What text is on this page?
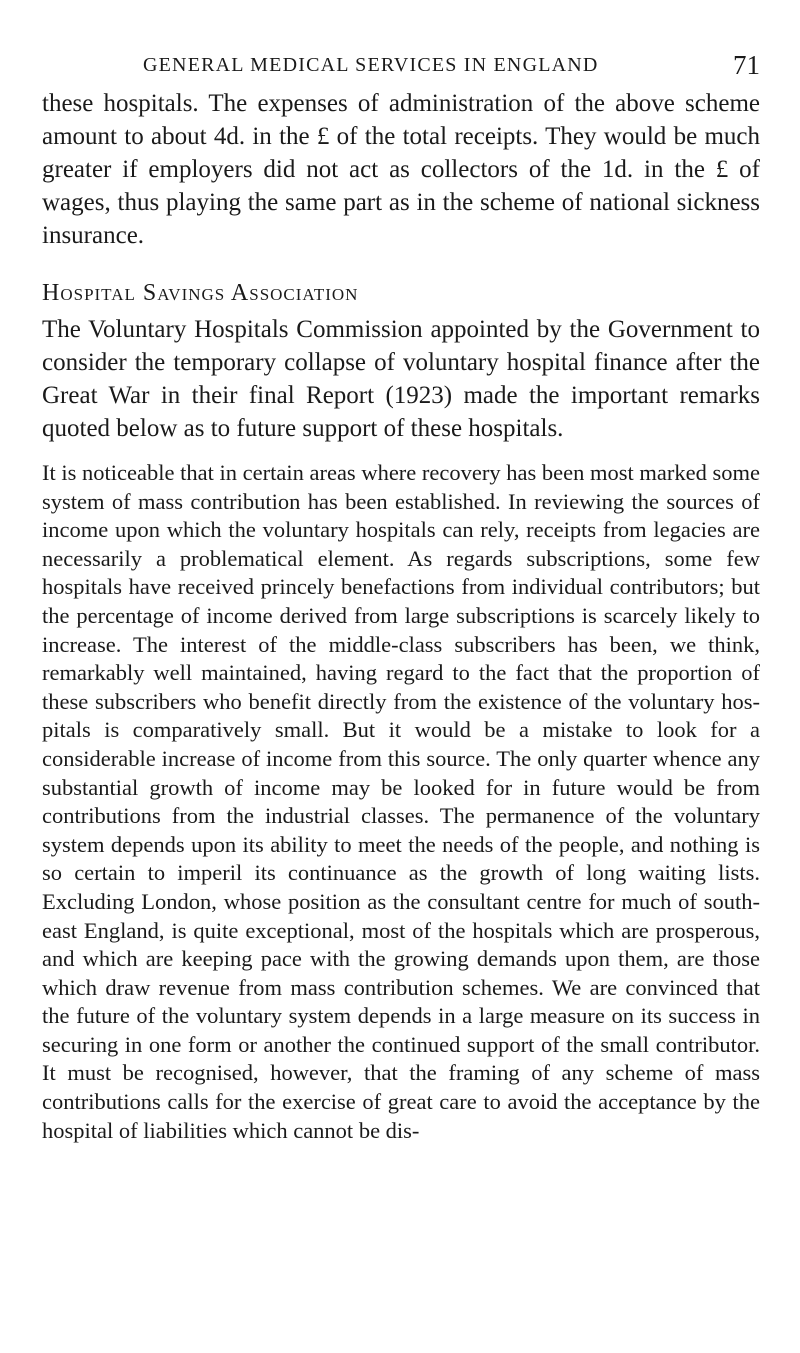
GENERAL MEDICAL SERVICES IN ENGLAND	71

these hospitals. The expenses of administration of the above scheme amount to about 4d. in the £ of the total receipts. They would be much greater if employers did not act as collectors of the 1d. in the £ of wages, thus playing the same part as in the scheme of national sickness insurance.

Hospital Savings Association

The Voluntary Hospitals Commission appointed by the Government to consider the temporary collapse of voluntary hospital finance after the Great War in their final Report (1923) made the important remarks quoted below as to future support of these hospitals.

It is noticeable that in certain areas where recovery has been most marked some system of mass contribution has been established. In reviewing the sources of income upon which the voluntary hospitals can rely, receipts from legacies are necessarily a problematical element. As regards subscriptions, some few hospitals have received princely benefactions from individual contributors; but the percentage of income derived from large subscriptions is scarcely likely to increase. The interest of the middle-class subscribers has been, we think, remarkably well maintained, having regard to the fact that the proportion of these subscribers who benefit directly from the existence of the voluntary hospitals is comparatively small. But it would be a mistake to look for a considerable increase of income from this source. The only quarter whence any substantial growth of income may be looked for in future would be from contributions from the industrial classes. The permanence of the voluntary system depends upon its ability to meet the needs of the people, and nothing is so certain to imperil its continuance as the growth of long waiting lists. Excluding London, whose position as the consultant centre for much of south-east England, is quite exceptional, most of the hospitals which are prosperous, and which are keeping pace with the growing demands upon them, are those which draw revenue from mass contribution schemes. We are convinced that the future of the voluntary system depends in a large measure on its success in securing in one form or another the continued support of the small contributor. It must be recognised, however, that the framing of any scheme of mass contributions calls for the exercise of great care to avoid the acceptance by the hospital of liabilities which cannot be dis-
